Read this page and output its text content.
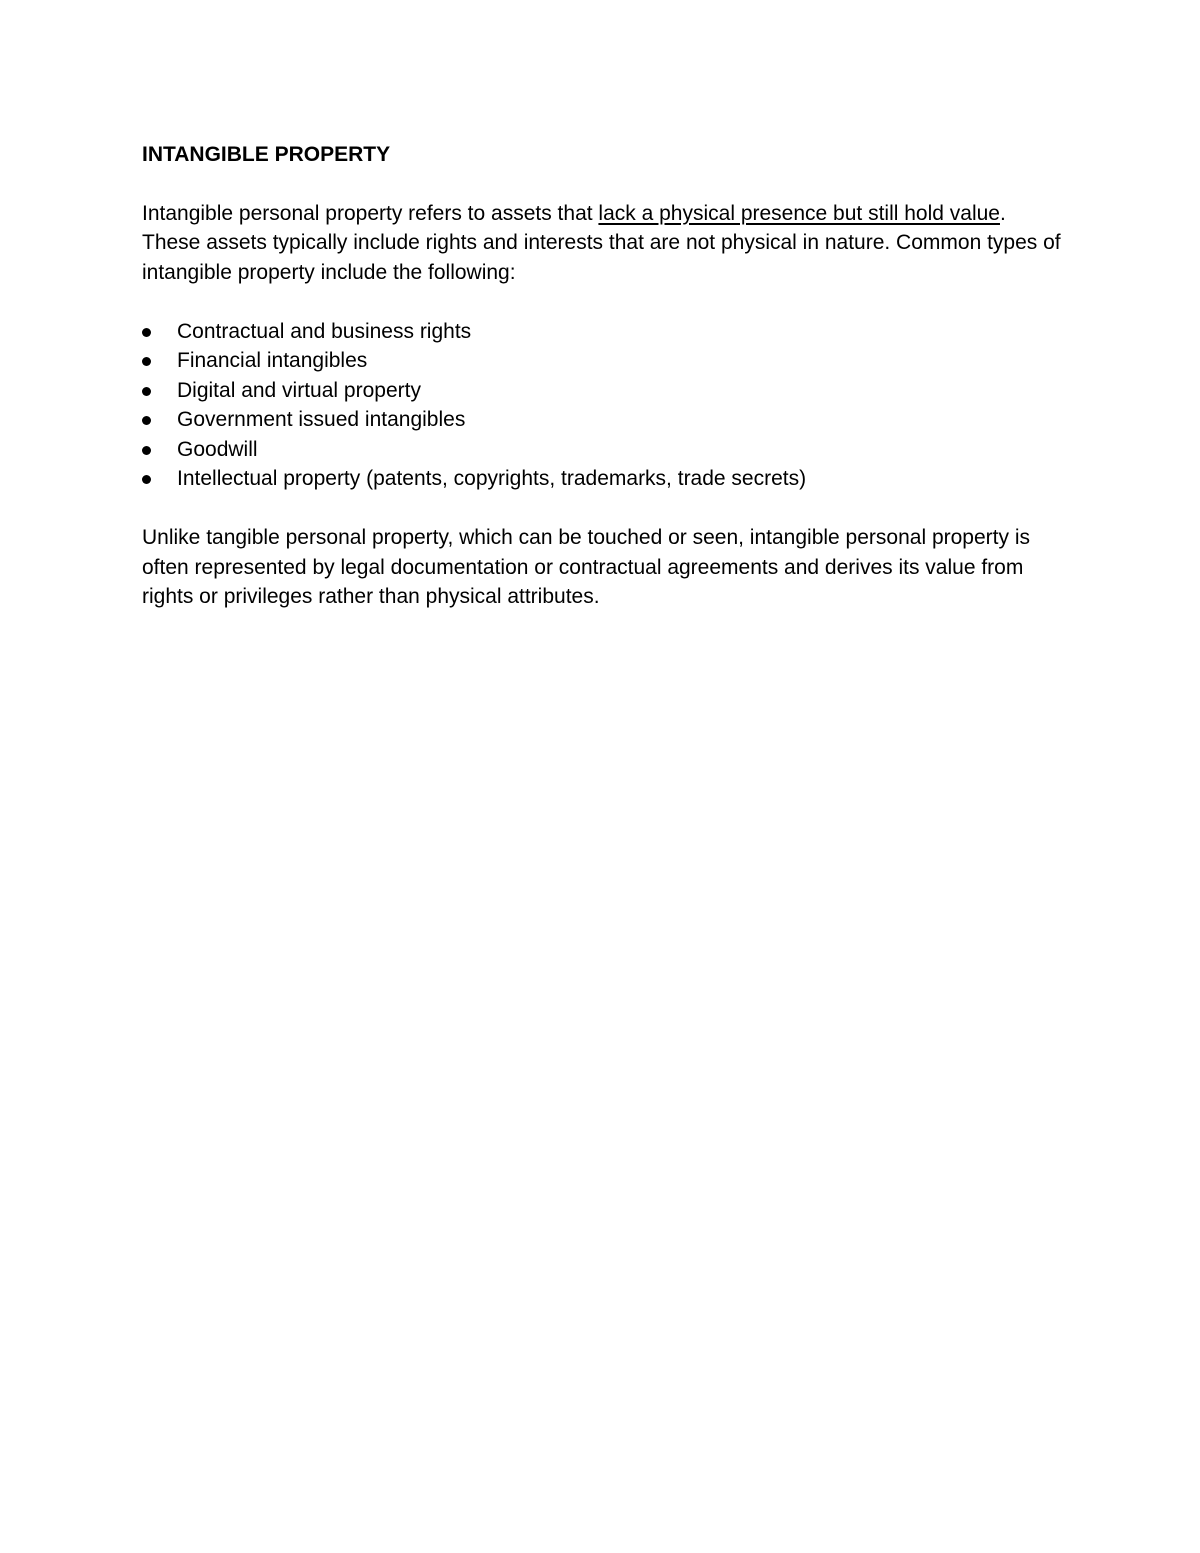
INTANGIBLE PROPERTY

Intangible personal property refers to assets that lack a physical presence but still hold value. These assets typically include rights and interests that are not physical in nature. Common types of intangible property include the following:

Contractual and business rights
Financial intangibles
Digital and virtual property
Government issued intangibles
Goodwill
Intellectual property (patents, copyrights, trademarks, trade secrets)

Unlike tangible personal property, which can be touched or seen, intangible personal property is often represented by legal documentation or contractual agreements and derives its value from rights or privileges rather than physical attributes.
